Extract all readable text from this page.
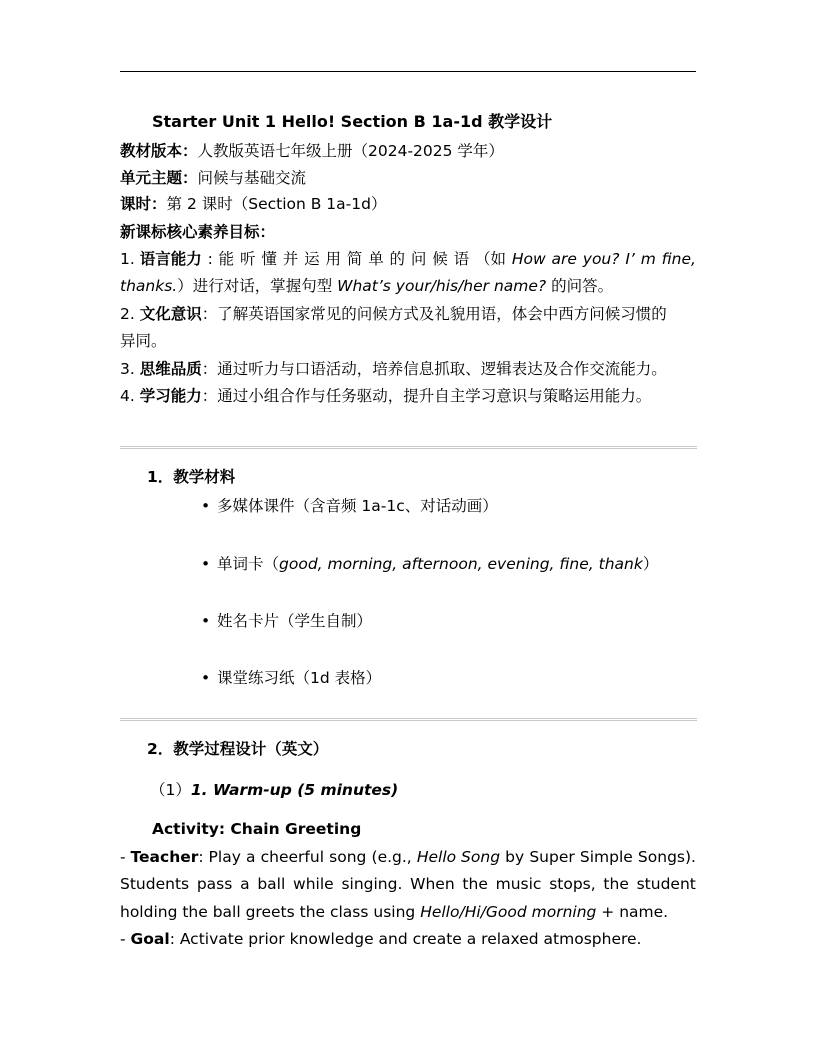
Starter Unit 1 Hello! Section B 1a-1d 教学设计
教材版本：人教版英语七年级上册（2024-2025 学年）
单元主题：问候与基础交流
课时：第 2 课时（Section B 1a-1d）
新课标核心素养目标：
1. 语言能力 : 能 听 懂 并 运 用 简 单 的 问 候 语 （如 How are you? I’ m fine,
thanks.）进行对话，掌握句型 What’s your/his/her name? 的问答。
2. 文化意识：了解英语国家常见的问候方式及礼貌用语，体会中西方问候习惯的
异同。
3. 思维品质：通过听力与口语活动，培养信息抓取、逻辑表达及合作交流能力。
4. 学习能力：通过小组合作与任务驱动，提升自主学习意识与策略运用能力。
1．教学材料
• 多媒体课件（含音频 1a-1c、对话动画）
• 单词卡（good, morning, afternoon, evening, fine, thank）
• 姓名卡片（学生自制）
• 课堂练习纸（1d 表格）
2．教学过程设计（英文）
（1）1. Warm-up (5 minutes)
Activity: Chain Greeting
- Teacher: Play a cheerful song (e.g., Hello Song by Super Simple Songs).
Students pass a ball while singing. When the music stops, the student
holding the ball greets the class using Hello/Hi/Good morning + name.
- Goal: Activate prior knowledge and create a relaxed atmosphere.
